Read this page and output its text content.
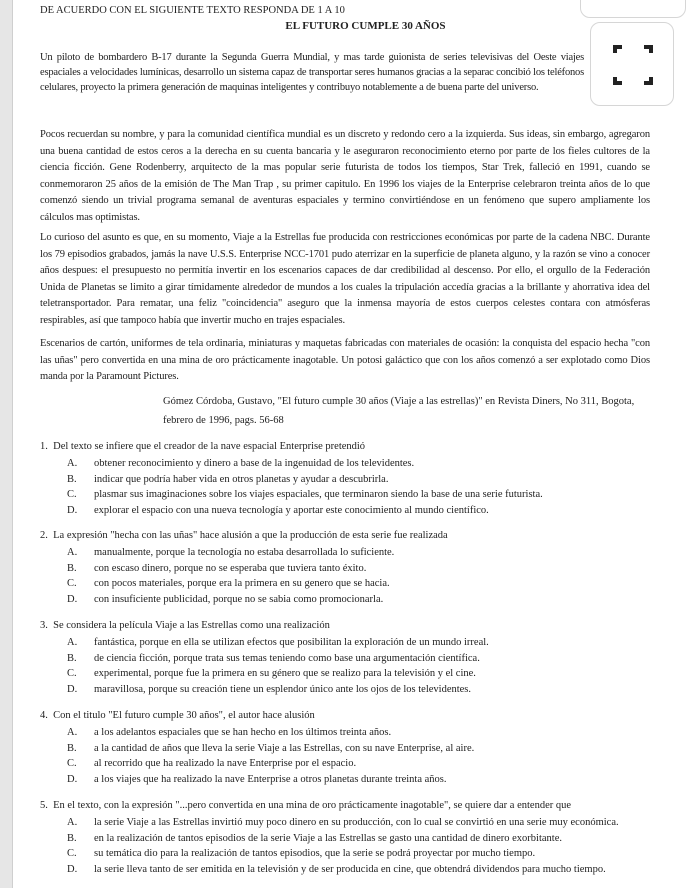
DE ACUERDO CON EL SIGUIENTE TEXTO RESPONDA DE 1 A 10
EL FUTURO CUMPLE 30 AÑOS

Un piloto de bombardero B-17 durante la Segunda Guerra Mundial, y mas tarde guionista de series televisivas del Oeste viajes espaciales a velocidades lumínicas, desarrollo un sistema capaz de transportar seres humanos gracias a la separac concibió los teléfonos celulares, proyecto la primera generación de maquinas inteligentes y contribuyo notablemente a de buena parte del universo.

Pocos recuerdan su nombre, y para la comunidad científica mundial es un discreto y redondo cero a la izquierda. Sus ideas, sin embargo, agregaron una buena cantidad de estos ceros a la derecha en su cuenta bancaria y le aseguraron reconocimiento eterno por parte de los fieles cultores de la ciencia ficción. Gene Rodenberry, arquitecto de la mas popular serie futurista de todos los tiempos, Star Trek, falleció en 1991, cuando se conmemoraron 25 años de la emisión de The Man Trap , su primer capitulo. En 1996 los viajes de la Enterprise celebraron treinta años de lo que comenzó siendo un trivial programa semanal de aventuras espaciales y termino convirtiéndose en un fenómeno que supero ampliamente los cálculos mas optimistas.

Lo curioso del asunto es que, en su momento, Viaje a la Estrellas fue producida con restricciones económicas por parte de la cadena NBC. Durante los 79 episodios grabados, jamás la nave U.S.S. Enterprise NCC-1701 pudo aterrizar en la superficie de planeta alguno, y la razón se vino a conocer años despues: el presupuesto no permitía invertir en los escenarios capaces de dar credibilidad al descenso. Por ello, el orgullo de la Federación Unida de Planetas se limito a girar tímidamente alrededor de mundos a los cuales la tripulación accedía gracias a la brillante y ahorrativa idea del teletransportador. Para rematar, una feliz "coincidencia" aseguro que la inmensa mayoría de estos cuerpos celestes contara con atmósferas respirables, así que tampoco había que invertir mucho en trajes espaciales.

Escenarios de cartón, uniformes de tela ordinaria, miniaturas y maquetas fabricadas con materiales de ocasión: la conquista del espacio hecha "con las uñas" pero convertida en una mina de oro prácticamente inagotable. Un potosi galáctico que con los años comenzó a ser explotado como Dios manda por la Paramount Pictures.

Gómez Córdoba, Gustavo, "El futuro cumple 30 años (Viaje a las estrellas)" en Revista Diners, No 311, Bogota, febrero de 1996, pags. 56-68
1. Del texto se infiere que el creador de la nave espacial Enterprise pretendió
A.	obtener reconocimiento y dinero a base de la ingenuidad de los televidentes.
B.	indicar que podría haber vida en otros planetas y ayudar a descubrirla.
C.	plasmar sus imaginaciones sobre los viajes espaciales, que terminaron siendo la base de una serie futurista.
D.	explorar el espacio con una nueva tecnología y aportar este conocimiento al mundo científico.
2. La expresión "hecha con las uñas" hace alusión a que la producción de esta serie fue realizada
A.	manualmente, porque la tecnología no estaba desarrollada lo suficiente.
B.	con escaso dinero, porque no se esperaba que tuviera tanto éxito.
C.	con pocos materiales, porque era la primera en su genero que se hacia.
D.	con insuficiente publicidad, porque no se sabia como promocionarla.
3. Se considera la película Viaje a las Estrellas como una realización
A.	fantástica, porque en ella se utilizan efectos que posibilitan la exploración de un mundo irreal.
B.	de ciencia ficción, porque trata sus temas teniendo como base una argumentación científica.
C.	experimental, porque fue la primera en su género que se realizo para la televisión y el cine.
D.	maravillosa, porque su creación tiene un esplendor único ante los ojos de los televidentes.
4. Con el titulo "El futuro cumple 30 años", el autor hace alusión
A.	a los adelantos espaciales que se han hecho en los últimos treinta años.
B.	a la cantidad de años que lleva la serie Viaje a las Estrellas, con su nave Enterprise, al aire.
C.	al recorrido que ha realizado la nave Enterprise por el espacio.
D.	a los viajes que ha realizado la nave Enterprise a otros planetas durante treinta años.
5. En el texto, con la expresión "...pero convertida en una mina de oro prácticamente inagotable", se quiere dar a entender que
A.	la serie Viaje a las Estrellas invirtió muy poco dinero en su producción, con lo cual se convirtió en una serie muy económica.
B.	en la realización de tantos episodios de la serie Viaje a las Estrellas se gasto una cantidad de dinero exorbitante.
C.	su temática dio para la realización de tantos episodios, que la serie se podrá proyectar por mucho tiempo.
D.	la serie lleva tanto de ser emitida en la televisión y de ser producida en cine, que obtendrá dividendos para mucho tiempo.
